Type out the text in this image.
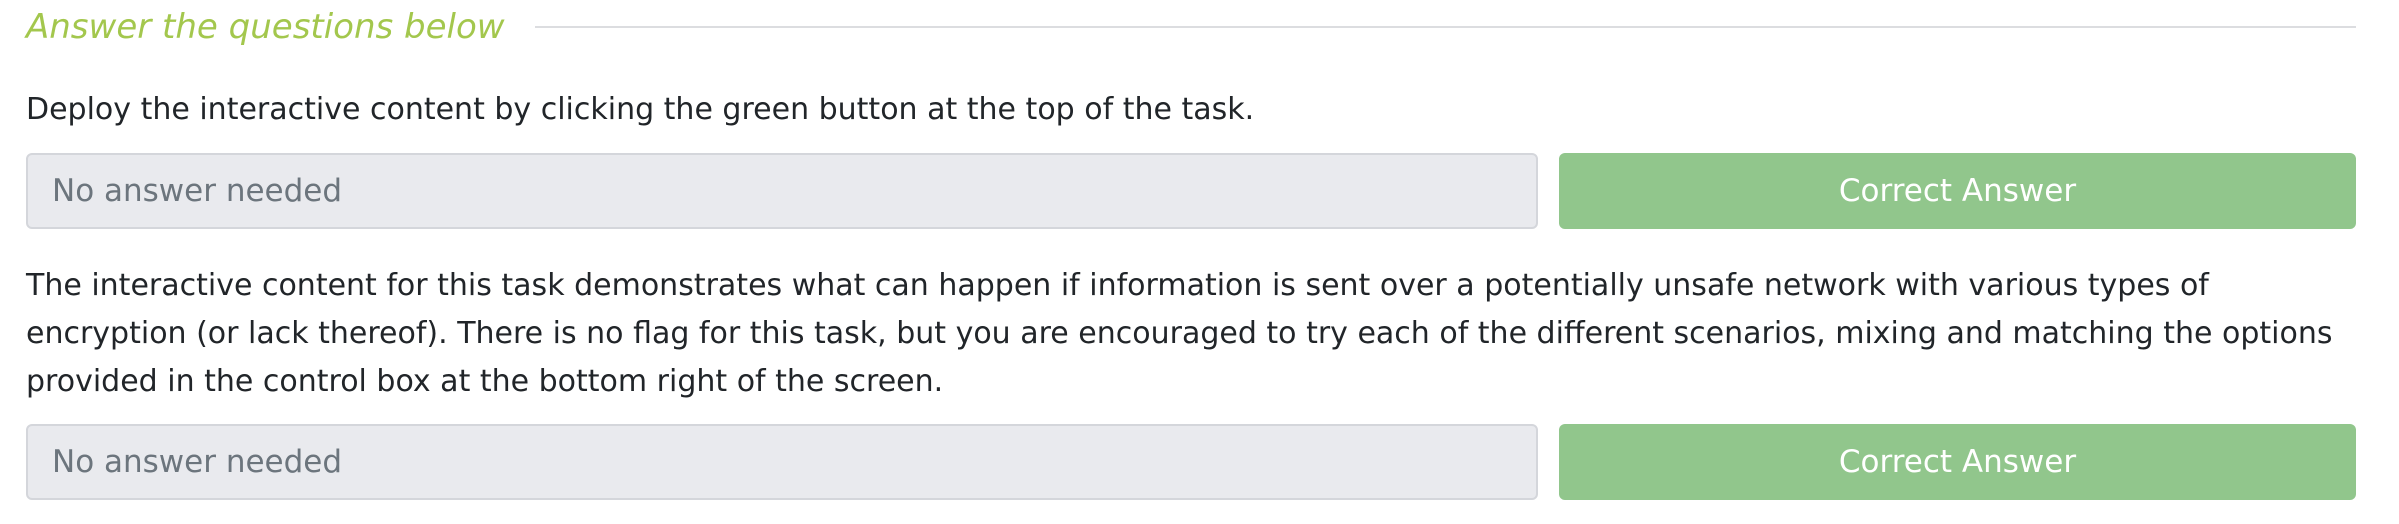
Answer the questions below
Deploy the interactive content by clicking the green button at the top of the task.
No answer needed
Correct Answer
The interactive content for this task demonstrates what can happen if information is sent over a potentially unsafe network with various types of encryption (or lack thereof). There is no flag for this task, but you are encouraged to try each of the different scenarios, mixing and matching the options provided in the control box at the bottom right of the screen.
No answer needed
Correct Answer
